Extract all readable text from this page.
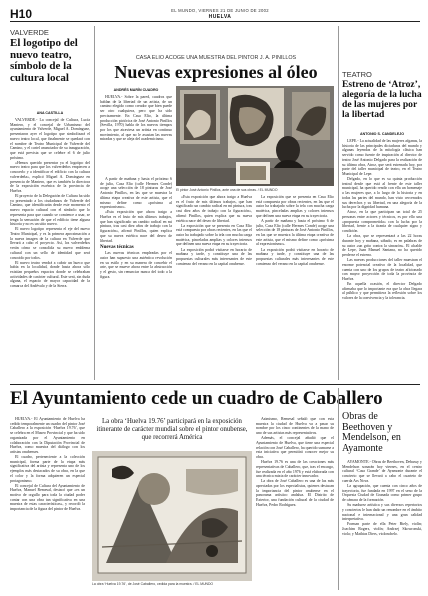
H10	EL MUNDO, VIERNES 21 DE JUNIO DE 2002
HUELVA
VALVERDE
El logotipo del nuevo teatro, símbolo de la cultura local
ANA CASTILLA

VALVERDE.- La concejal de Cultura, Lucía Mantero, y el concejal de Urbanismo del ayuntamiento de Valverde, Miguel A. Domínguez, presentaron ayer el logotipo que simbolizará el nuevo teatro local, que finalmente se quedará con el nombre de Teatro Municipal de Valverde del Camino, y el cartel anunciador de su inauguración, que está prevista que se celebre el 6 de julio próximo.

«Hemos querido presentar ya el logotipo del nuevo teatro para que los valverdeños empiecen a conocerlo y a identificar el edificio con la cultura valverdeña», explicó Miguel A. Domínguez en presencia de Mantero, que es también la directora de la exposición escénica de la provincia de Huelva.

El proyecto de la Delegación de Cultura ha sido ya presentado a los ciudadanos de Valverde del Camino, que identificarán desde este momento el nuevo espacio cultural con el símbolo que lo representa para que cuando se comience a usar, se tenga la sensación de que el edificio tiene alguna historia y no es un sitio nuevo.

El nuevo logotipo representa el eje del nuevo Teatro Municipal, y es la primera aproximación a la nueva imagen de la cultura en Valverde que llevará a cabo el proyecto. Así, los valverdeños verán cómo se consolida su nuevo emblema cultural con un sello de identidad que será conocido por todos.

El nuevo teatro vendrá a cubrir un hueco que había en la localidad, donde hasta ahora sólo existían pequeños espacios donde se celebraban actividades de carácter cultural. Este será, sin duda alguna, el espacio de mayor capacidad de la comarca del Andévalo y de la Sierra.

CASA ELIO ACOGE UNA MUESTRA DEL PINTOR J. A. PINILLOS
Nuevas expresiones al óleo
ANDRÉS MARÍN CUADRO

HUELVA.- Sobre la pared, cuadros que hablan de la libertad de un artista, de un camino elegido como creador que bien puede ser otro cualquiera, pero que ha sido precisamente. En Casa Elio, la última producción pictórica de José Antonio Pinillos (Sevilla, 1970) habla de los nuevos tiempos por los que atraviesa un artista en continuo movimiento, al que no le asustan las nuevas miradas y que se aleja del academicismo.

El pintor José Antonio Pinillos, ante una de sus obras. / EL MUNDO

A partir de mañana y hasta el próximo 6 de julio, Casa Elio (calle Hermes Conde) acoge una selección de 18 pinturas de José Antonio Pinillos, en las que se muestra la última etapa creativa de este artista, que el mismo define como «próxima al expresionismo».

«Esta exposición que ahora traigo a Huelva es el fruto de mis últimos trabajos, que han significado un cambio radical en mi pintura, tras casi diez años de trabajo con la figuración», afirmó Pinillos, quien explica que su nueva estética nace del deseo de libertad.

Nuevas técnicas

Las nuevas técnicas empleadas por el autor han supuesto una auténtica revolución en su estilo y en su manera de concebir el arte, que se mueve ahora entre la abstracción y el gesto, sin renunciar nunca del todo a la figura.

«Esta exposición que ahora traigo a Huelva es el fruto de mis últimos trabajos, que han significado un cambio radical en mi pintura, tras casi diez años de trabajo con la figuración», afirmó Pinillos, quien explica que su nueva estética nace del deseo de libertad.

La exposición que se presenta en Casa Elio está compuesta por obras recientes, en las que el autor ha trabajado sobre la tela con mucha carga matérica, pinceladas amplias y colores intensos que definen una nueva etapa en su trayectoria.

La exposición podrá visitarse en horario de mañana y tarde, y constituye una de las propuestas culturales más interesantes de este comienzo del verano en la capital onubense.

La exposición que se presenta en Casa Elio está compuesta por obras recientes, en las que el autor ha trabajado sobre la tela con mucha carga matérica, pinceladas amplias y colores intensos que definen una nueva etapa en su trayectoria.

A partir de mañana y hasta el próximo 6 de julio, Casa Elio (calle Hermes Conde) acoge una selección de 18 pinturas de José Antonio Pinillos, en las que se muestra la última etapa creativa de este artista, que el mismo define como «próxima al expresionismo».

La exposición podrá visitarse en horario de mañana y tarde, y constituye una de las propuestas culturales más interesantes de este comienzo del verano en la capital onubense.

TEATRO
Estreno de ‘Atroz’, alegoría de la lucha de las mujeres por la libertad
ANTONIO S. CANDELEJO

LEPE.- La actualidad de las mujeres afganas, la historia de las principales dictaduras del mundo y algunas leyendas de la mitología clásica han servido como fuente de inspiración al director de teatro José Antonio Delgado para la realización de su última obra, Atroz, que será estrenada hoy, por parte del taller municipal de teatro, en el Teatro Municipal de Lepe.

Delgado, en lo que es su quinta producción teatral desde que está al frente de este taller municipal, ha querido rendir con ella un homenaje a las mujeres que, a lo largo de la historia y en todas las partes del mundo, han visto cercenados sus derechos y su libertad, en una alegoría de la lucha por la dignidad humana.

Atroz, en la que participan un total de 25 personas entre actores y técnicos, es por ello una «propuesta comprometida» con la lucha por la libertad, frente a la tiranía de cualquier signo y condición.

La obra, que se representará a las 22 horas durante hoy y mañana, sábado, es en palabras de su autor «un grito contra la sinrazón». El alcalde de Lepe, Juan Manuel Santana, no ha querido perderse el estreno.

Las nuevas producciones del taller muestran el enorme potencial creativo de la localidad, que cuenta con uno de los grupos de teatro aficionado con mayor proyección de toda la provincia de Huelva.

En aquella ocasión, el director Delgado afirmaba que lo importante era que la obra llegara al público y que permitiera la reflexión sobre los valores de la convivencia y la tolerancia.

El Ayuntamiento cede un cuadro de Caballero

HUELVA.- El Ayuntamiento de Huelva ha cedido temporalmente un cuadro del pintor José Caballero a la exposición ‘Huelva 19.76’, que se celebra en el Museo Provincial y que ha sido organizada por el Ayuntamiento en colaboración con la Diputación Provincial de Huelva, como muestra del diálogo con los artistas onubenses.

El cuadro, perteneciente a la colección municipal, forma parte de la etapa más significativa del artista y representa uno de los ejemplos más destacados de su obra, en la que el color y la forma adquieren un especial protagonismo.

El concejal de Cultura del Ayuntamiento de Huelva, Manuel Remesal, destacó que «es un motivo de orgullo para toda la ciudad poder contar con una obra tan significativa en una muestra de estas características», y recordó la importancia de la figura del pintor de Huelva.

La obra ‘Huelva 19.76’ participará en la exposición itinerante de carácter mundial sobre el pintor onubense, que recorrerá América
La obra ‘Huelva 19.76’, de José Caballero, cedida para la muestra. / EL MUNDO

Asimismo, Remesal señaló que con esta muestra la ciudad de Huelva va a pasar su nombre por los cinco continentes de la mano de uno de sus artistas más representativos.

Además, el concejal añadió que el Ayuntamiento de Huelva, que tiene una especial relación con José Caballero, ha querido sumarse a esta iniciativa que permitirá conocer mejor su obra.

Huelva 19.76 es una de las creaciones más representativas de Caballero, que, tras el encargo, fue realizada en el año 1976 y está elaborada con una técnica mixta de carácter innovador.

La obra de José Caballero es una de las más apreciadas por los especialistas, quienes destacan la importancia del pintor onubense en el panorama artístico andaluz. El Distrito de Exterior, una fundación cultural de la ciudad de Huelva, Pedro Rodríguez.

Obras de Beethoven y Mendelson, en Ayamonte

AYAMONTE.- Obras de Beethoven, Debussy y Mendelson sonarán hoy viernes, en el centro cultural ‘Casa Grande’ de Ayamonte durante el concierto que se llevará a cabo el cuarteto de cuerda Ars Nova.

La agrupación, que cuenta con cinco años de trayectoria, fue fundada en 1997 en el seno de la Orquesta Ciudad de Granada como primer grupo de cámara de la formación.

Su madurez artística y sus diversos repertorios y conciertos le han dado un renombre en el ámbito nacional e internacional y una gran calidad interpretativa.

Forman parte de ella Peter Biely, violín; Joachim Rogers, violín; Andrzej Skowronski, viola; y Mathias Diers, violonchelo.
